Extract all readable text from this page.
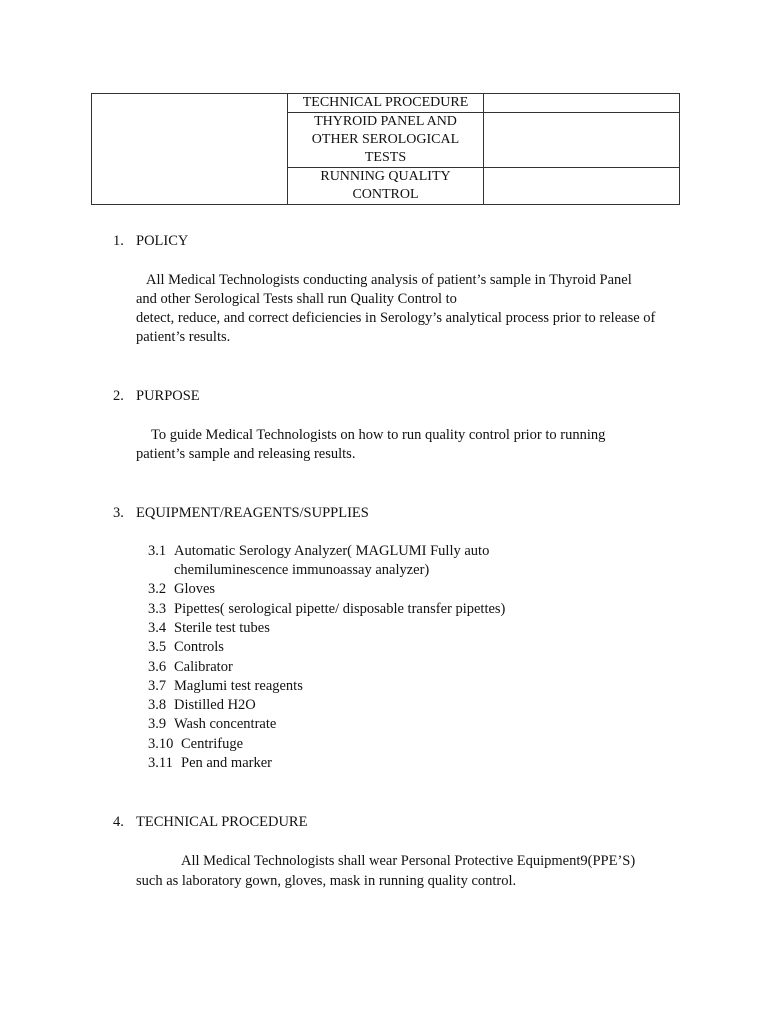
	TECHNICAL PROCEDURE	

	THYROID PANEL AND
OTHER SEROLOGICAL
TESTS	

	RUNNING QUALITY
CONTROL	

1. POLICY
All Medical Technologists conducting analysis of patient’s sample in Thyroid Panel
and other Serological Tests shall run Quality Control to
detect, reduce, and correct deficiencies in Serology’s analytical process prior to release of
patient’s results.
2. PURPOSE
To guide Medical Technologists on how to run quality control prior to running
patient’s sample and releasing results.
3. EQUIPMENT/REAGENTS/SUPPLIES
3.1 Automatic Serology Analyzer( MAGLUMI Fully auto
chemiluminescence immunoassay analyzer)
3.2 Gloves
3.3 Pipettes( serological pipette/ disposable transfer pipettes)
3.4 Sterile test tubes
3.5 Controls
3.6 Calibrator
3.7 Maglumi test reagents
3.8 Distilled H2O
3.9 Wash concentrate
3.10 Centrifuge
3.11 Pen and marker
4. TECHNICAL PROCEDURE
All Medical Technologists shall wear Personal Protective Equipment9(PPE’S)
such as laboratory gown, gloves, mask in running quality control.
